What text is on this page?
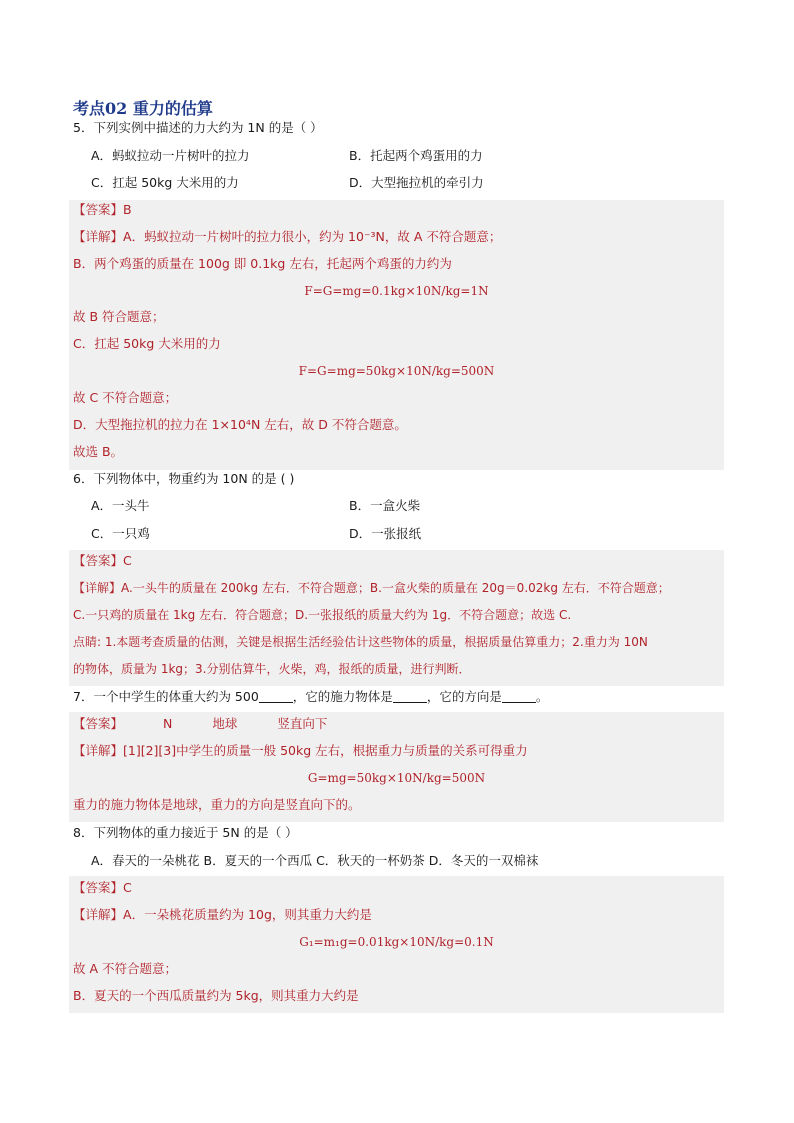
考点02 重力的估算
5．下列实例中描述的力大约为 1N 的是（ ）
A．蚂蚁拉动一片树叶的拉力	B．托起两个鸡蛋用的力
C．扛起 50kg 大米用的力	D．大型拖拉机的牵引力
【答案】B
【详解】A．蚂蚁拉动一片树叶的拉力很小，约为 10⁻³N，故 A 不符合题意；
B．两个鸡蛋的质量在 100g 即 0.1kg 左右，托起两个鸡蛋的力约为
F=G=mg=0.1kg×10N/kg=1N
故 B 符合题意；
C．扛起 50kg 大米用的力
F=G=mg=50kg×10N/kg=500N
故 C 不符合题意；
D．大型拖拉机的拉力在 1×10⁴N 左右，故 D 不符合题意。
故选 B。
6．下列物体中，物重约为 10N 的是 ( )
A．一头牛	B．一盒火柴
C．一只鸡	D．一张报纸
【答案】C
【详解】A.一头牛的质量在 200kg 左右．不符合题意；B.一盒火柴的质量在 20g＝0.02kg 左右．不符合题意；
C.一只鸡的质量在 1kg 左右．符合题意；D.一张报纸的质量大约为 1g．不符合题意；故选 C.
点睛: 1.本题考查质量的估测，关键是根据生活经验估计这些物体的质量，根据质量估算重力；2.重力为 10N
的物体，质量为 1kg；3.分别估算牛，火柴，鸡，报纸的质量，进行判断．
7．一个中学生的体重大约为 500	，它的施力物体是	，它的方向是	。
【答案】	N	地球	竖直向下
【详解】[1][2][3]中学生的质量一般 50kg 左右，根据重力与质量的关系可得重力
G=mg=50kg×10N/kg=500N
重力的施力物体是地球，重力的方向是竖直向下的。
8．下列物体的重力接近于 5N 的是（ ）
A．春天的一朵桃花 B．夏天的一个西瓜 C．秋天的一杯奶茶 D．冬天的一双棉袜
【答案】C
【详解】A．一朵桃花质量约为 10g，则其重力大约是
G₁=m₁g=0.01kg×10N/kg=0.1N
故 A 不符合题意；
B．夏天的一个西瓜质量约为 5kg，则其重力大约是
